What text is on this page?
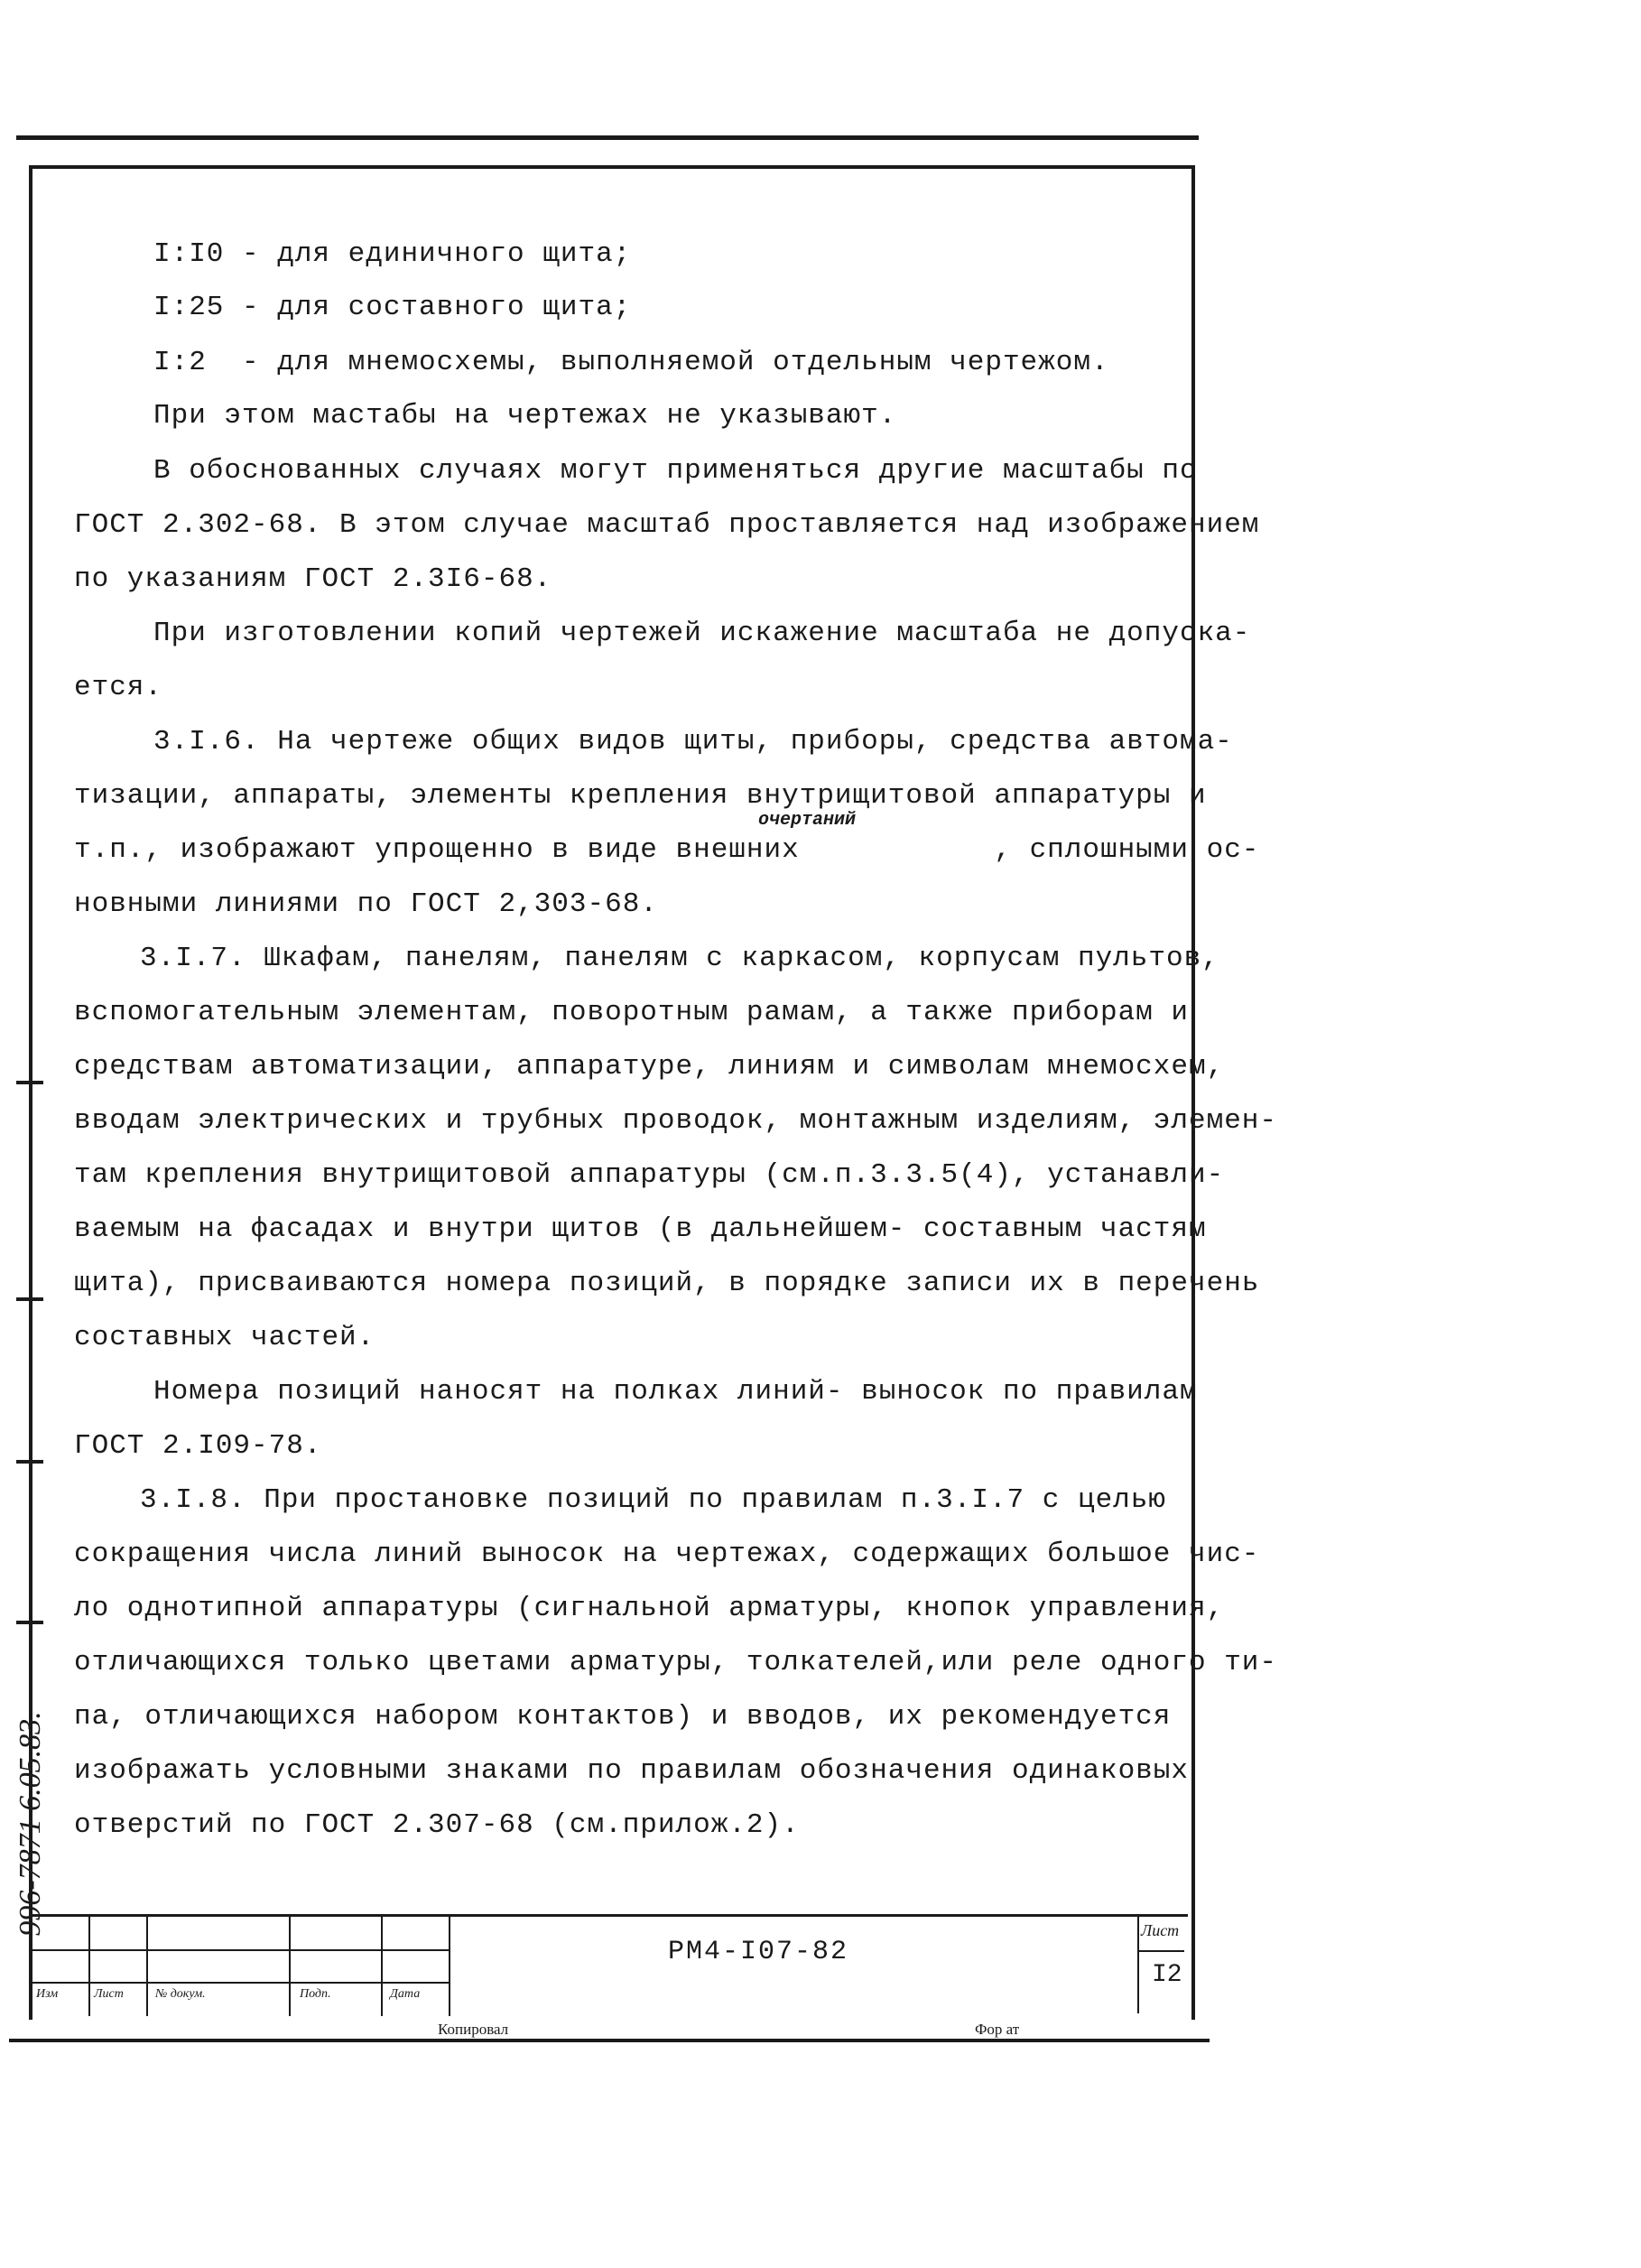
I:I0 - для единичного щита;
I:25 - для составного щита;
I:2  - для мнемосхемы, выполняемой отдельным чертежом.
При этом мастабы на чертежах не указывают.
В обоснованных случаях могут применяться другие масштабы по
ГОСТ 2.302-68. В этом случае масштаб проставляется над изображением
по указаниям ГОСТ 2.3I6-68.
При изготовлении копий чертежей искажение масштаба не допуска-
ется.
3.I.6. На чертеже общих видов щиты, приборы, средства автома-
тизации, аппараты, элементы крепления внутрищитовой аппаратуры и
очертаний
т.п., изображают упрощенно в виде внешних           , сплошными ос-
новными линиями по ГОСТ 2,303-68.
3.I.7. Шкафам, панелям, панелям с каркасом, корпусам пультов,
вспомогательным элементам, поворотным рамам, а также приборам и
средствам автоматизации, аппаратуре, линиям и символам мнемосхем,
вводам электрических и трубных проводок, монтажным изделиям, элемен-
там крепления внутрищитовой аппаратуры (см.п.3.3.5(4), устанавли-
ваемым на фасадах и внутри щитов (в дальнейшем- составным частям
щита), присваиваются номера позиций, в порядке записи их в перечень
составных частей.
Номера позиций наносят на полках линий- выносок по правилам
ГОСТ 2.I09-78.
3.I.8. При простановке позиций по правилам п.3.I.7 с целью
сокращения числа линий выносок на чертежах, содержащих большое чис-
ло однотипной аппаратуры (сигнальной арматуры, кнопок управления,
отличающихся только цветами арматуры, толкателей,или реле одного ти-
па, отличающихся набором контактов) и вводов, их рекомендуется
изображать условными знаками по правилам обозначения одинаковых
отверстий по ГОСТ 2.307-68 (см.прилож.2).
996-7871 6.05.83.
Изм	Лист	№ докум.	Подп.	Дата
РМ4-I07-82
Лист
I2
Копировал	Фор ат
